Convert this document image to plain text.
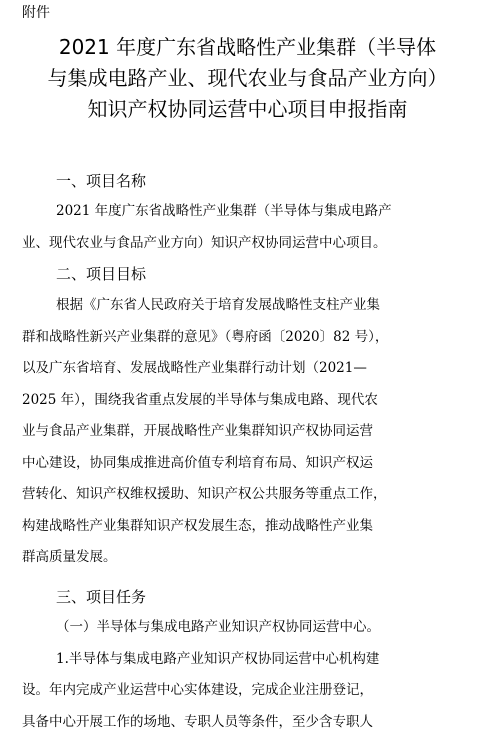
附件
2021 年度广东省战略性产业集群（半导体
与集成电路产业、现代农业与食品产业方向）
知识产权协同运营中心项目申报指南
一、项目名称
2021 年度广东省战略性产业集群（半导体与集成电路产
业、现代农业与食品产业方向）知识产权协同运营中心项目。
二、项目目标
根据《广东省人民政府关于培育发展战略性支柱产业集
群和战略性新兴产业集群的意见》（粤府函〔2020〕82 号），
以及广东省培育、发展战略性产业集群行动计划（2021—
2025 年），围绕我省重点发展的半导体与集成电路、现代农
业与食品产业集群，开展战略性产业集群知识产权协同运营
中心建设，协同集成推进高价值专利培育布局、知识产权运
营转化、知识产权维权援助、知识产权公共服务等重点工作，
构建战略性产业集群知识产权发展生态，推动战略性产业集
群高质量发展。
三、项目任务
（一）半导体与集成电路产业知识产权协同运营中心。
1.半导体与集成电路产业知识产权协同运营中心机构建
设。年内完成产业运营中心实体建设，完成企业注册登记，
具备中心开展工作的场地、专职人员等条件，至少含专职人
